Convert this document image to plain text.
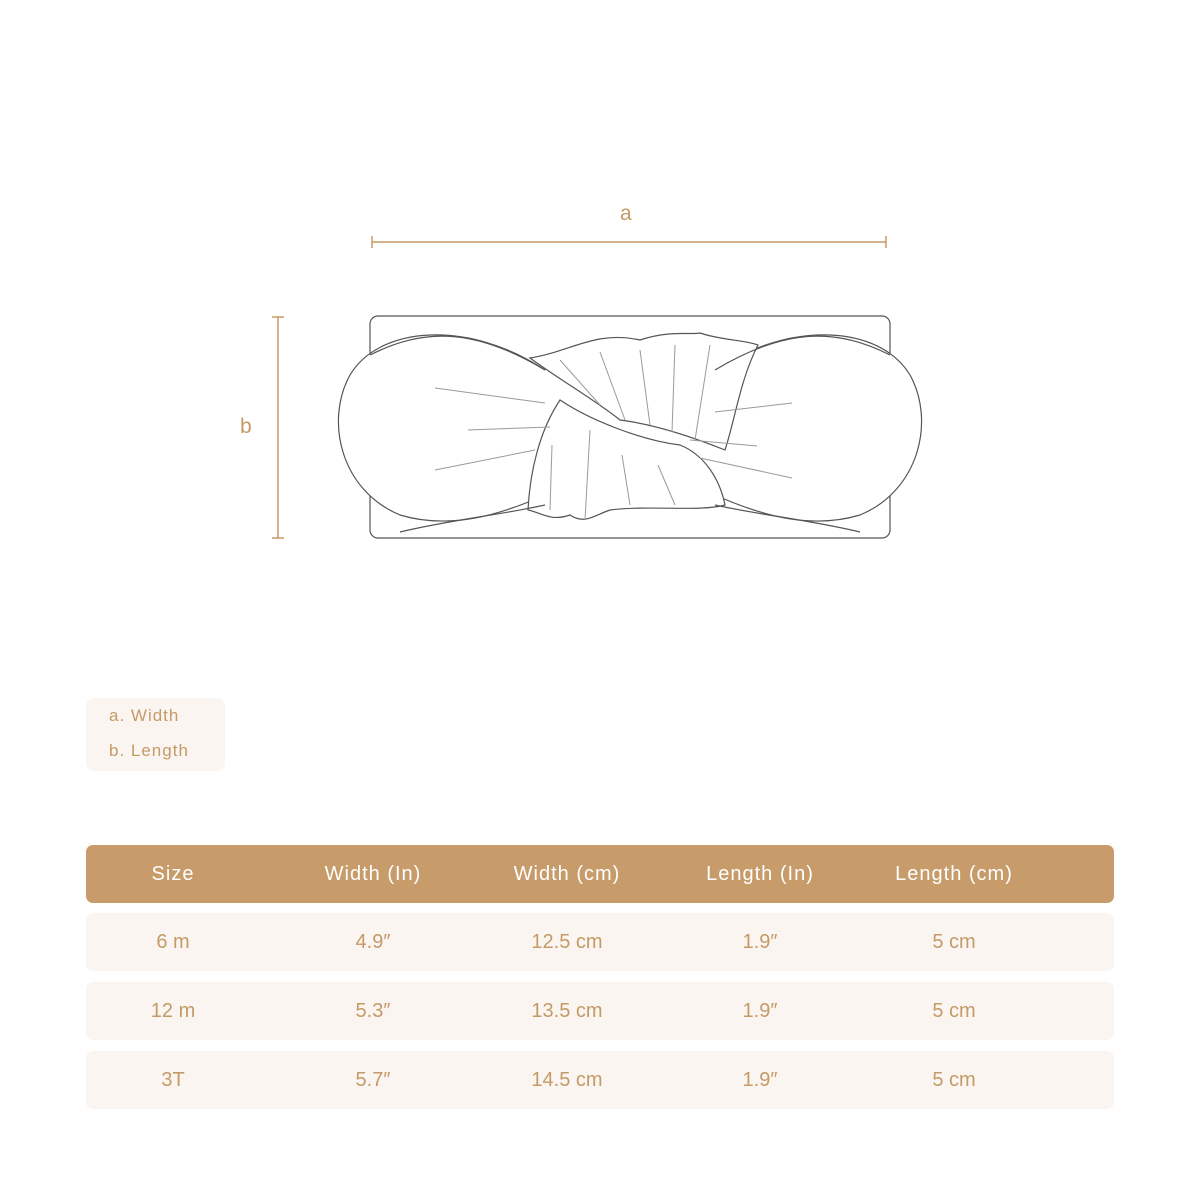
a
b
a. Width
b. Length
Size	Width (In)	Width (cm)	Length (In)	Length (cm)
6 m	4.9″	12.5 cm	1.9″	5 cm
12 m	5.3″	13.5 cm	1.9″	5 cm
3T	5.7″	14.5 cm	1.9″	5 cm
